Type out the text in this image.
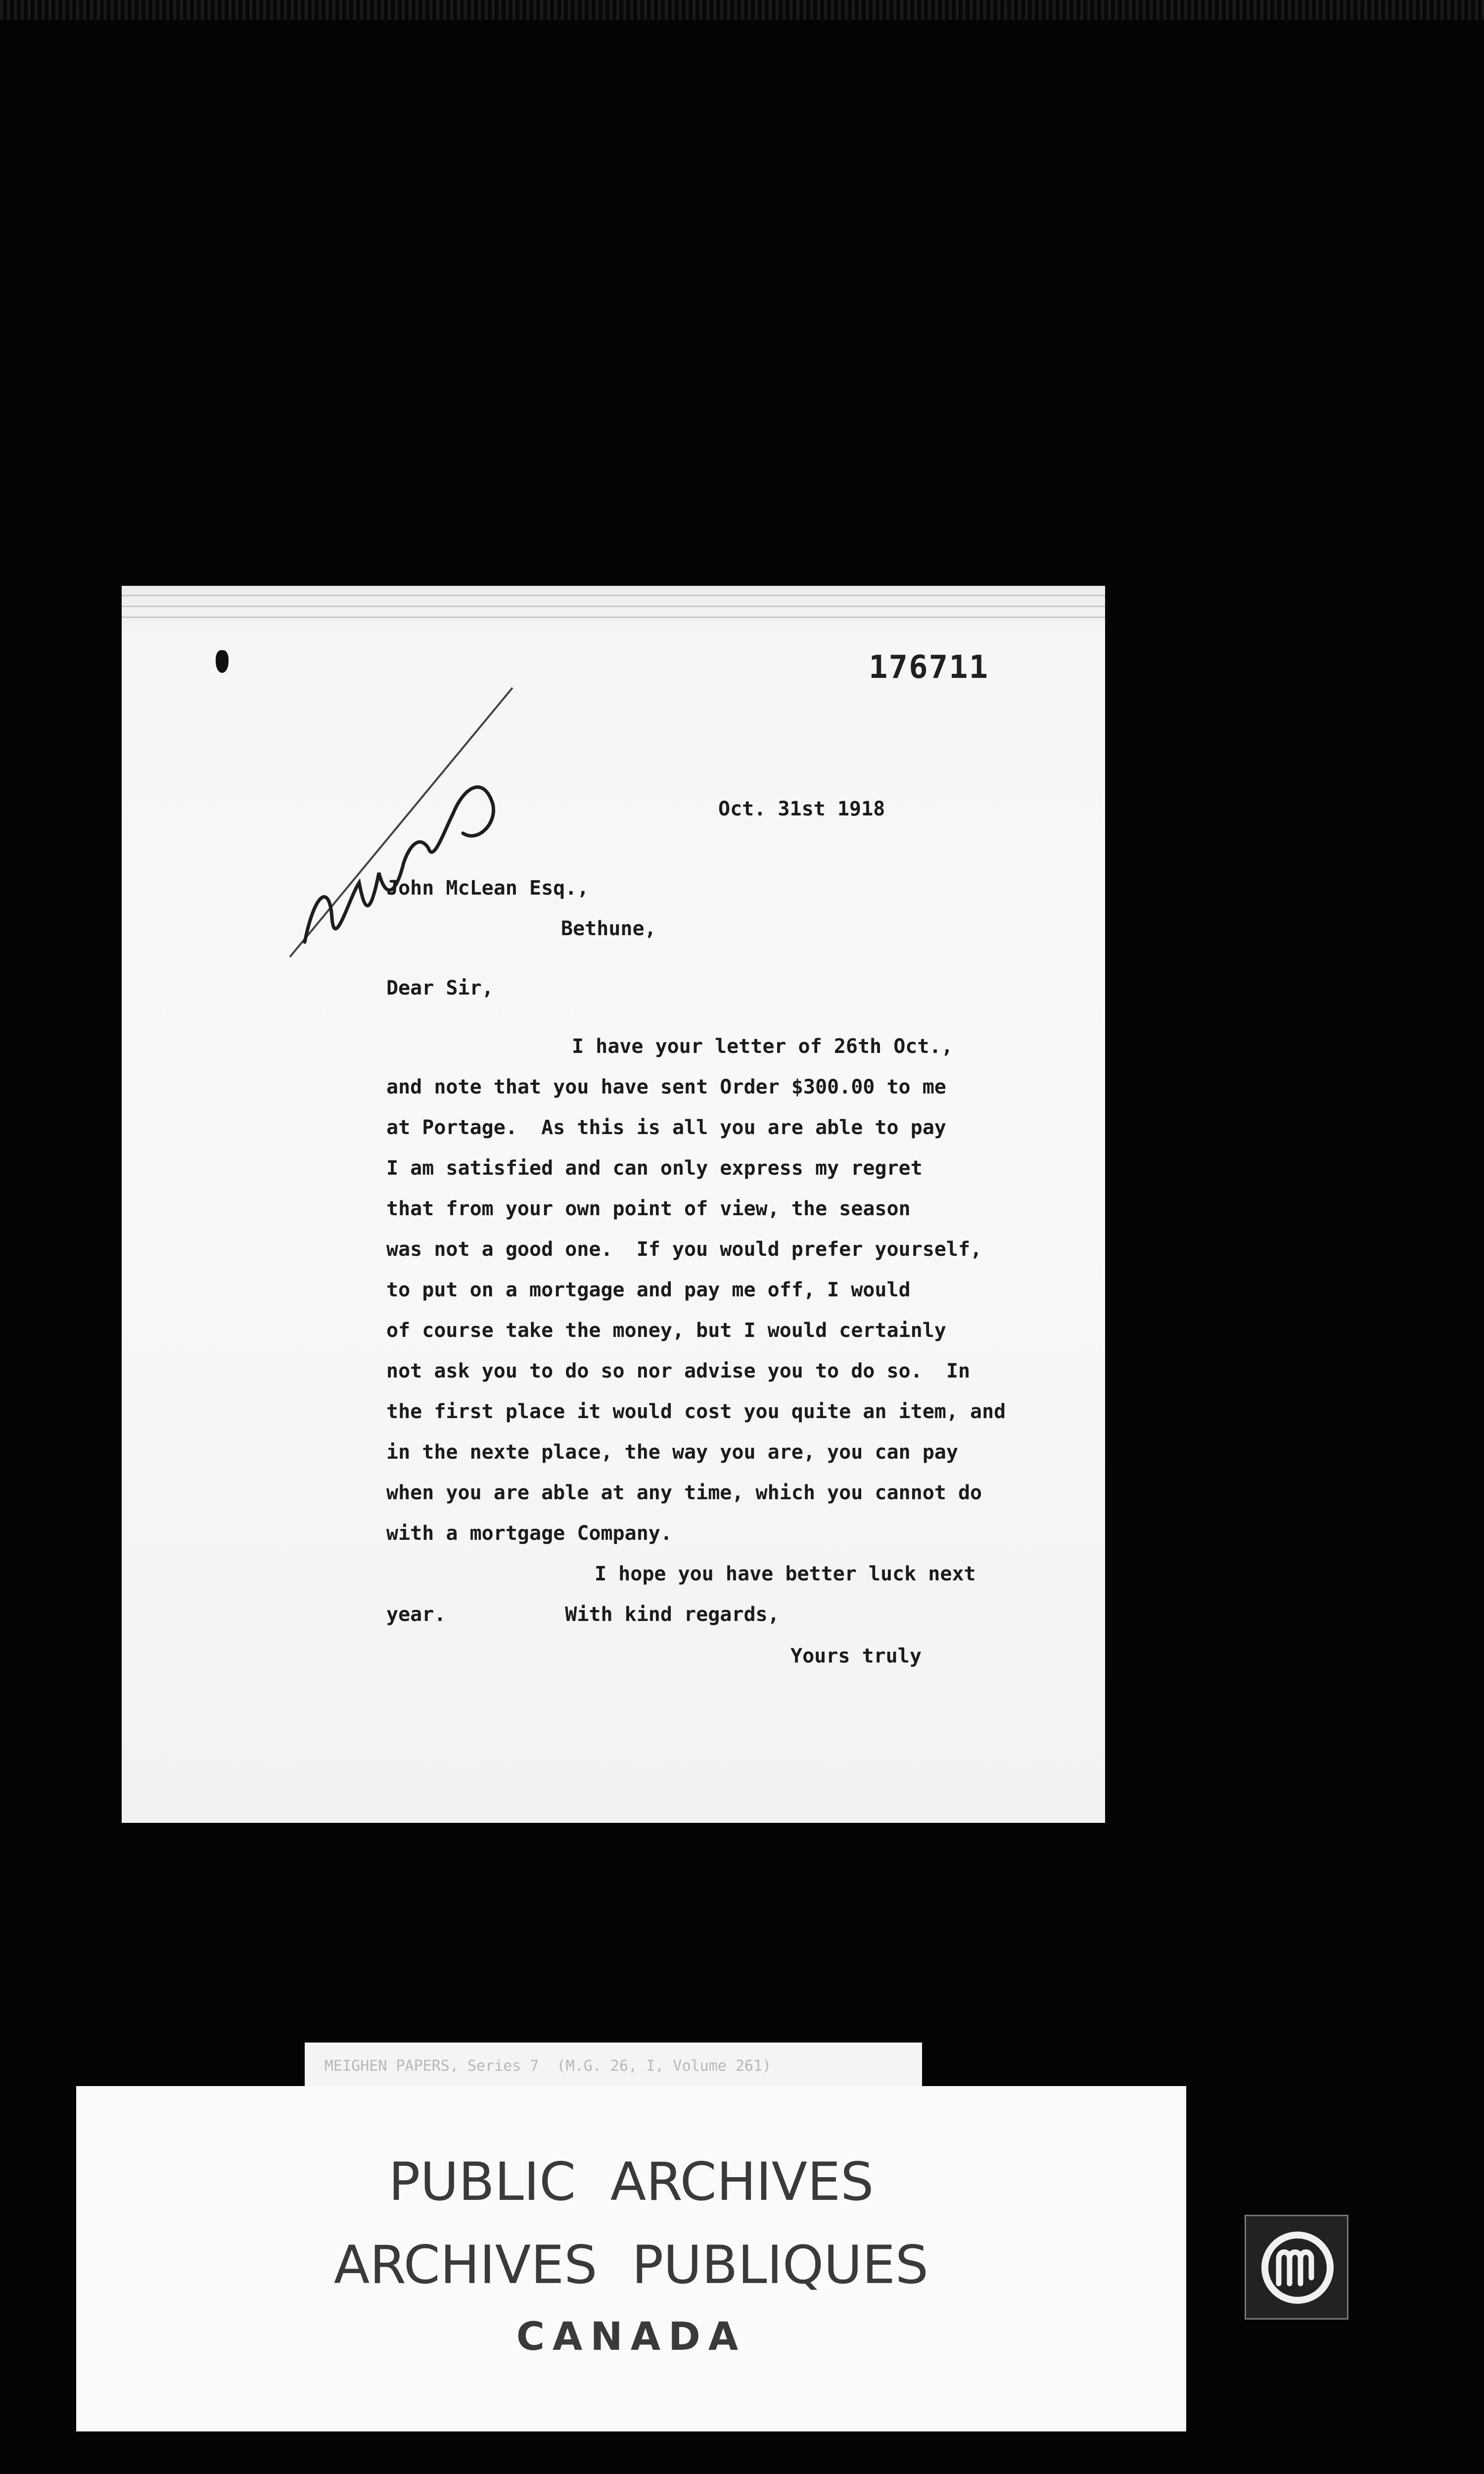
176711
Oct. 31st 1918
John McLean Esq.,
Bethune,
Dear Sir,
I have your letter of 26th Oct.,
and note that you have sent Order $300.00 to me
at Portage.  As this is all you are able to pay
I am satisfied and can only express my regret
that from your own point of view, the season
was not a good one.  If you would prefer yourself,
to put on a mortgage and pay me off, I would
of course take the money, but I would certainly
not ask you to do so nor advise you to do so.  In
the first place it would cost you quite an item, and
in the nexte place, the way you are, you can pay
when you are able at any time, which you cannot do
with a mortgage Company.
I hope you have better luck next
year.          With kind regards,
Yours truly
MEIGHEN PAPERS, Series 7  (M.G. 26, I, Volume 261)
PUBLIC ARCHIVES
ARCHIVES PUBLIQUES
CANADA
